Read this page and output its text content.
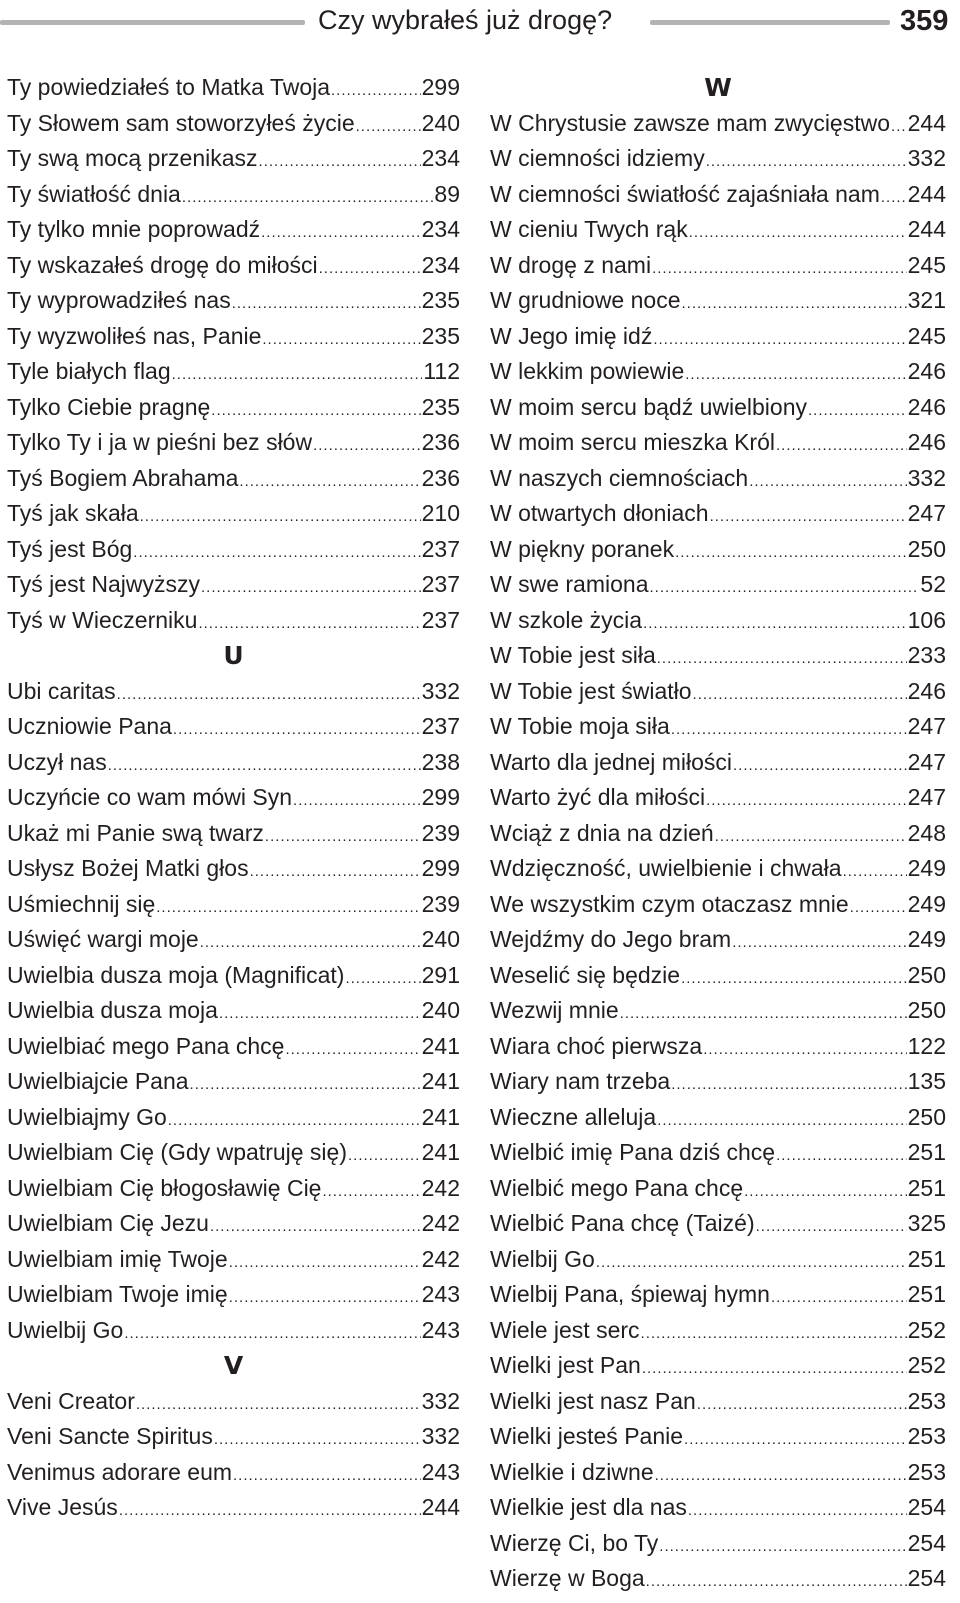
Czy wybrałeś już drogę?	359
Ty powiedziałeś to Matka Twoja .....	299
Ty Słowem sam stoworzyłeś życie .....	240
Ty swą mocą przenikasz .....	234
Ty światłość dnia .....	89
Ty tylko mnie poprowadź .....	234
Ty wskazałeś drogę do miłości .....	234
Ty wyprowadziłeś nas .....	235
Ty wyzwoliłeś nas, Panie .....	235
Tyle białych flag .....	112
Tylko Ciebie pragnę .....	235
Tylko Ty i ja w pieśni bez słów .....	236
Tyś Bogiem Abrahama .....	236
Tyś jak skała .....	210
Tyś jest Bóg .....	237
Tyś jest Najwyższy .....	237
Tyś w Wieczerniku .....	237
U
Ubi caritas .....	332
Uczniowie Pana .....	237
Uczył nas .....	238
Uczyńcie co wam mówi Syn .....	299
Ukaż mi Panie swą twarz .....	239
Usłysz Bożej Matki głos .....	299
Uśmiechnij się .....	239
Uświęć wargi moje .....	240
Uwielbia dusza moja (Magnificat) .....	291
Uwielbia dusza moja .....	240
Uwielbiać mego Pana chcę .....	241
Uwielbiajcie Pana .....	241
Uwielbiajmy Go .....	241
Uwielbiam Cię (Gdy wpatruję się) .....	241
Uwielbiam Cię błogosławię Cię .....	242
Uwielbiam Cię Jezu .....	242
Uwielbiam imię Twoje .....	242
Uwielbiam Twoje imię .....	243
Uwielbij Go .....	243
V
Veni Creator .....	332
Veni Sancte Spiritus .....	332
Venimus adorare eum .....	243
Vive Jesús .....	244
W
W Chrystusie zawsze mam zwycięstwo ..... 244
W ciemności idziemy .....	332
W ciemności światłość zajaśniała nam ..... 244
W cieniu Twych rąk .....	244
W drogę z nami .....	245
W grudniowe noce .....	321
W Jego imię idź .....	245
W lekkim powiewie .....	246
W moim sercu bądź uwielbiony .....	246
W moim sercu mieszka Król .....	246
W naszych ciemnościach .....	332
W otwartych dłoniach .....	247
W piękny poranek .....	250
W swe ramiona .....	52
W szkole życia .....	106
W Tobie jest siła .....	233
W Tobie jest światło .....	246
W Tobie moja siła .....	247
Warto dla jednej miłości .....	247
Warto żyć dla miłości .....	247
Wciąż z dnia na dzień .....	248
Wdzięczność, uwielbienie i chwała .....	249
We wszystkim czym otaczasz mnie .....	249
Wejdźmy do Jego bram .....	249
Weselić się będzie .....	250
Wezwij mnie .....	250
Wiara choć pierwsza .....	122
Wiary nam trzeba .....	135
Wieczne alleluja .....	250
Wielbić imię Pana dziś chcę .....	251
Wielbić mego Pana chcę .....	251
Wielbić Pana chcę (Taizé) .....	325
Wielbij Go .....	251
Wielbij Pana, śpiewaj hymn .....	251
Wiele jest serc .....	252
Wielki jest Pan .....	252
Wielki jest nasz Pan .....	253
Wielki jesteś Panie .....	253
Wielkie i dziwne .....	253
Wielkie jest dla nas .....	254
Wierzę Ci, bo Ty .....	254
Wierzę w Boga .....	254
